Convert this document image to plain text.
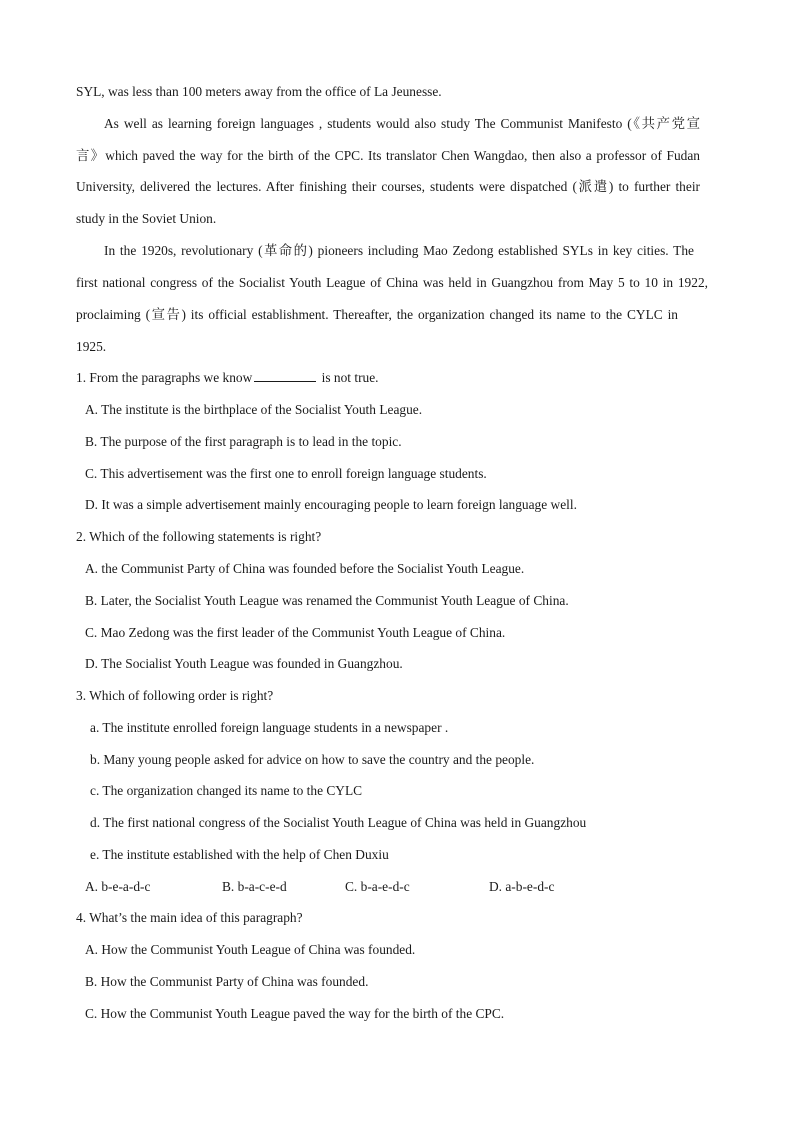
SYL, was less than 100 meters away from the office of La Jeunesse.
As well as learning foreign languages , students would also study The Communist Manifesto (《共产党宣
言》which paved the way for the birth of the CPC. Its translator Chen Wangdao, then also a professor of Fudan
University, delivered the lectures. After finishing their courses, students were dispatched (派遣) to further their
study in the Soviet Union.
In the 1920s, revolutionary (革命的) pioneers including Mao Zedong established SYLs in key cities. The
first national congress of the Socialist Youth League of China was held in Guangzhou from May 5 to 10 in 1922,
proclaiming (宣告) its official establishment. Thereafter, the organization changed its name to the CYLC in
1925.
1. From the paragraphs we know	is not true.
A. The institute is the birthplace of the Socialist Youth League.
B. The purpose of the first paragraph is to lead in the topic.
C. This advertisement was the first one to enroll foreign language students.
D. It was a simple advertisement mainly encouraging people to learn foreign language well.
2. Which of the following statements is right?
A. the Communist Party of China was founded before the Socialist Youth League.
B. Later, the Socialist Youth League was renamed the Communist Youth League of China.
C. Mao Zedong was the first leader of the Communist Youth League of China.
D. The Socialist Youth League was founded in Guangzhou.
3. Which of following order is right?
a. The institute enrolled foreign language students in a newspaper .
b. Many young people asked for advice on how to save the country and the people.
c. The organization changed its name to the CYLC
d. The first national congress of the Socialist Youth League of China was held in Guangzhou
e. The institute established with the help of Chen Duxiu
A. b-e-a-d-c	B. b-a-c-e-d	C. b-a-e-d-c	D. a-b-e-d-c
4. What’s the main idea of this paragraph?
A. How the Communist Youth League of China was founded.
B. How the Communist Party of China was founded.
C. How the Communist Youth League paved the way for the birth of the CPC.
